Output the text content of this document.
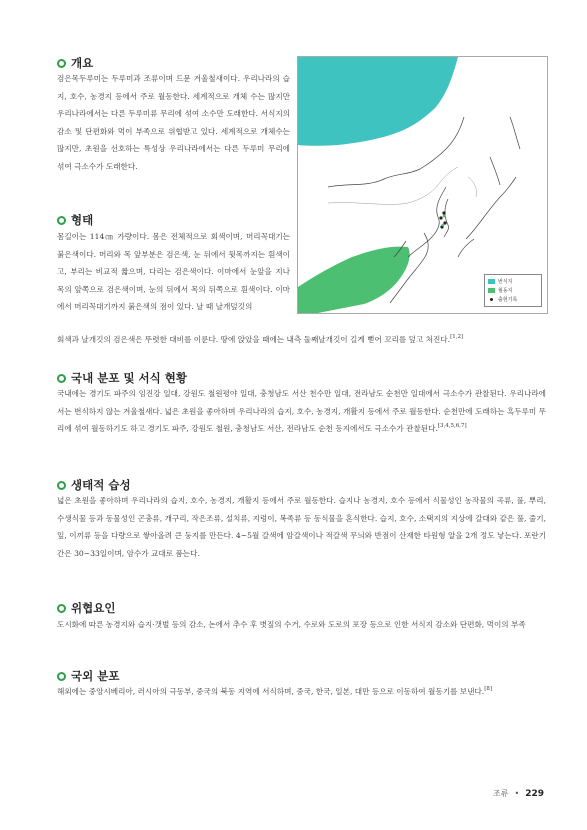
개요
검은목두루미는 두루미과 조류이며 드문 겨울철새이다. 우리나라의 습지, 호수, 농경지 등에서 주로 월동한다. 세계적으로 개체 수는 많지만 우리나라에서는 다른 두루미류 무리에 섞여 소수만 도래한다. 서식지의 감소 및 단편화와 먹이 부족으로 위협받고 있다. 세계적으로 개체수는 많지만, 초원을 선호하는 특성상 우리나라에서는 다른 두루미 무리에 섞여 극소수가 도래한다.
형태
몸길이는 114㎝ 가량이다. 몸은 전체적으로 회색이며, 머리꼭대기는 붉은색이다. 머리와 목 앞부분은 검은색, 눈 뒤에서 뒷목까지는 흰색이고, 부리는 비교적 짧으며, 다리는 검은색이다. 이마에서 눈앞을 지나 목의 앞쪽으로 검은색이며, 눈의 뒤에서 목의 뒤쪽으로 흰색이다. 이마에서 머리꼭대기까지 붉은색의 점이 있다. 날 때 날개덮깃의
회색과 날개깃의 검은색은 뚜렷한 대비를 이룬다. 땅에 앉았을 때에는 내측 둘째날개깃이 길게 뻗어 꼬리를 덮고 처진다.[1,2]
번식지
월동지
출현기록
국내 분포 및 서식 현황
국내에는 경기도 파주의 임진강 일대, 강원도 철원평야 일대, 충청남도 서산 천수만 일대, 전라남도 순천만 일대에서 극소수가 관찰된다. 우리나라에서는 번식하지 않는 겨울철새다. 넓은 초원을 좋아하며 우리나라의 습지, 호수, 농경지, 개활지 등에서 주로 월동한다. 순천만에 도래하는 흑두루미 무리에 섞여 월동하기도 하고 경기도 파주, 강원도 철원, 충청남도 서산, 전라남도 순천 등지에서도 극소수가 관찰된다.[3,4,5,6,7]
생태적 습성
넓은 초원을 좋아하며 우리나라의 습지, 호수, 농경지, 개활지 등에서 주로 월동한다. 습지나 농경지, 호수 등에서 식물성인 농작물의 곡류, 풀, 뿌리, 수생식물 등과 동물성인 곤충류, 개구리, 작은조류, 설치류, 지렁이, 복족류 등 동식물을 혼식한다. 습지, 호수, 소택지의 지상에 갈대와 같은 풀, 줄기, 잎, 이끼류 등을 다량으로 쌓아올려 큰 둥지를 만든다. 4~5월 갈색에 암갈색이나 적갈색 무늬와 반점이 산재한 타원형 알을 2개 정도 낳는다. 포란기간은 30~33일이며, 암수가 교대로 품는다.
위협요인
도시화에 따른 농경지와 습지·갯벌 등의 감소, 논에서 추수 후 볏짚의 수거, 수로와 도로의 포장 등으로 인한 서식지 감소와 단편화, 먹이의 부족
국외 분포
해외에는 중앙시베리아, 러시아의 극동부, 중국의 북동 지역에 서식하며, 중국, 한국, 일본, 대만 등으로 이동하여 월동기를 보낸다.[8]
조류 • 229
